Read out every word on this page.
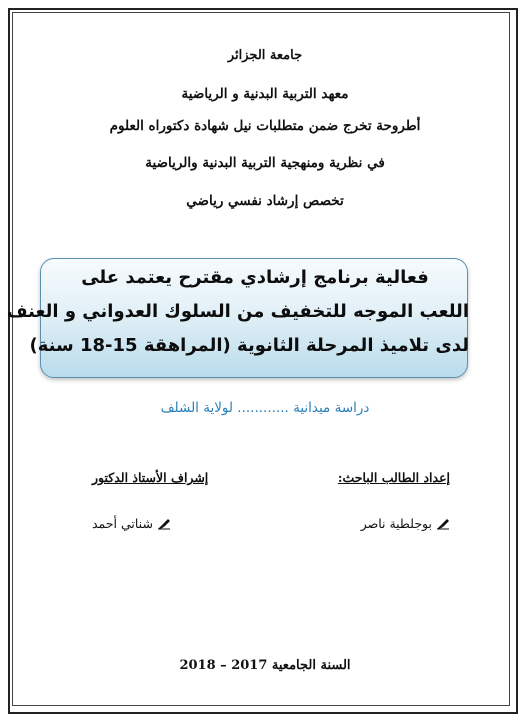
جامعة الجزائر
معهد التربية البدنية و الرياضية
أطروحة تخرج ضمن متطلبات نيل شهادة دكتوراه العلوم
في نظرية ومنهجية التربية البدنية والرياضية
تخصص إرشاد نفسي رياضي
فعالية برنامج إرشادي مقترح يعتمد على
اللعب الموجه للتخفيف من السلوك العدواني و العنف
لدى تلاميذ المرحلة الثانوية (المراهقة 15-18 سنة)
دراسة ميدانية ............ لولاية الشلف
إعداد الطالب الباحث:
إشراف الأستاذ الدكتور
بوجلطية ناصر
شناتي أحمد
السنة الجامعية 2017 – 2018
